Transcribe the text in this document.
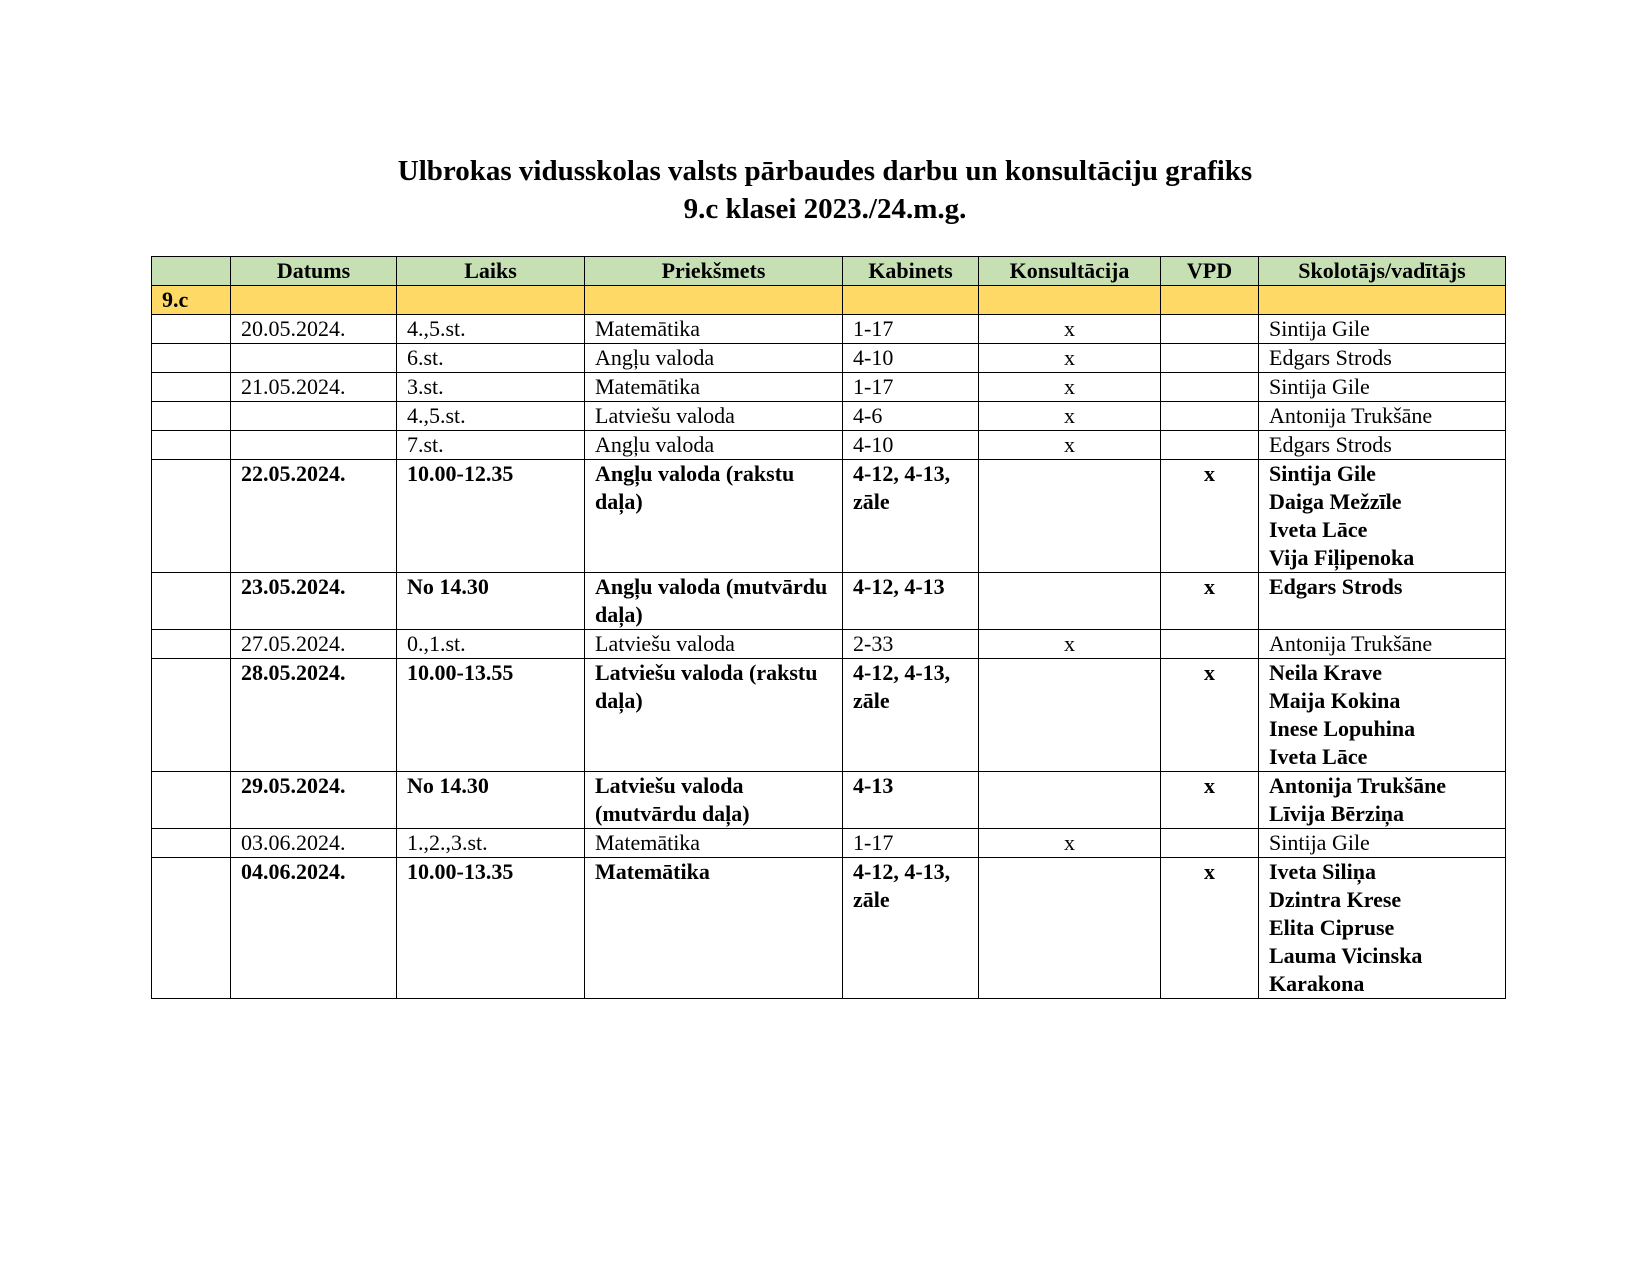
Ulbrokas vidusskolas valsts pārbaudes darbu un konsultāciju grafiks
9.c klasei 2023./24.m.g.
	Datums	Laiks	Priekšmets	Kabinets	Konsultācija	VPD	Skolotājs/vadītājs
9.c							
	20.05.2024.	4.,5.st.	Matemātika	1-17	x		Sintija Gile

		6.st.	Angļu valoda	4-10	x		Edgars Strods

	21.05.2024.	3.st.	Matemātika	1-17	x		Sintija Gile

		4.,5.st.	Latviešu valoda	4-6	x		Antonija Trukšāne

		7.st.	Angļu valoda	4-10	x		Edgars Strods

	22.05.2024.	10.00-12.35	Angļu valoda (rakstu daļa)	4-12, 4-13, zāle		x	Sintija Gile
Daiga Mežzīle
Iveta Lāce
Vija Fiļipenoka

	23.05.2024.	No 14.30	Angļu valoda (mutvārdu daļa)	4-12, 4-13		x	Edgars Strods

	27.05.2024.	0.,1.st.	Latviešu valoda	2-33	x		Antonija Trukšāne

	28.05.2024.	10.00-13.55	Latviešu valoda (rakstu daļa)	4-12, 4-13, zāle		x	Neila Krave
Maija Kokina
Inese Lopuhina
Iveta Lāce

	29.05.2024.	No 14.30	Latviešu valoda (mutvārdu daļa)	4-13		x	Antonija Trukšāne
Līvija Bērziņa

	03.06.2024.	1.,2.,3.st.	Matemātika	1-17	x		Sintija Gile

	04.06.2024.	10.00-13.35	Matemātika	4-12, 4-13, zāle		x	Iveta Siliņa
Dzintra Krese
Elita Cipruse
Lauma Vicinska Karakona
